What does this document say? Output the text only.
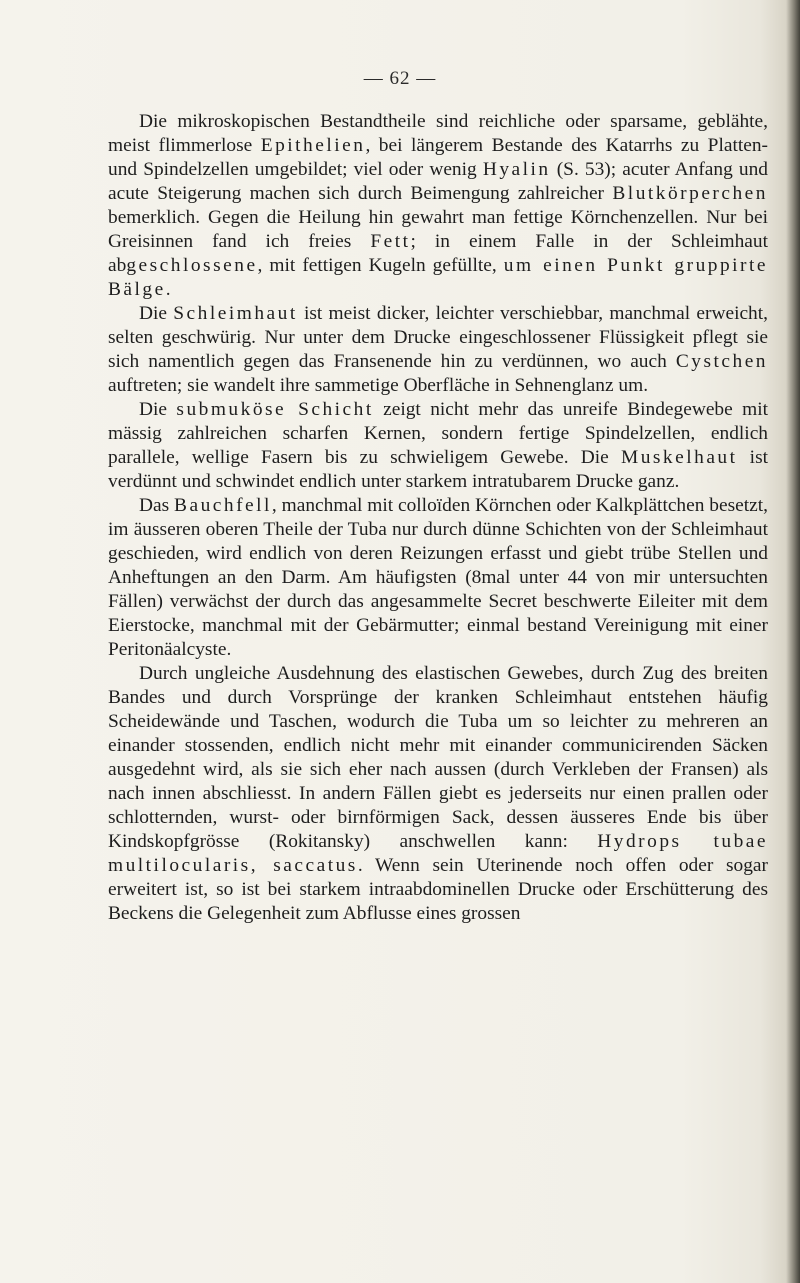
— 62 —

Die mikroskopischen Bestandtheile sind reichliche oder sparsame, geblähte, meist flimmerlose Epithelien, bei längerem Bestande des Katarrhs zu Platten- und Spindelzellen umgebildet; viel oder wenig Hyalin (S. 53); acuter Anfang und acute Steigerung machen sich durch Beimengung zahlreicher Blutkörperchen bemerklich. Gegen die Heilung hin gewahrt man fettige Körnchenzellen. Nur bei Greisinnen fand ich freies Fett; in einem Falle in der Schleimhaut abgeschlossene, mit fettigen Kugeln gefüllte, um einen Punkt gruppirte Bälge.

Die Schleimhaut ist meist dicker, leichter verschiebbar, manchmal erweicht, selten geschwürig. Nur unter dem Drucke eingeschlossener Flüssigkeit pflegt sie sich namentlich gegen das Fransenende hin zu verdünnen, wo auch Cystchen auftreten; sie wandelt ihre sammetige Oberfläche in Sehnenglanz um.

Die submuköse Schicht zeigt nicht mehr das unreife Bindegewebe mit mässig zahlreichen scharfen Kernen, sondern fertige Spindelzellen, endlich parallele, wellige Fasern bis zu schwieligem Gewebe. Die Muskelhaut ist verdünnt und schwindet endlich unter starkem intratubarem Drucke ganz.

Das Bauchfell, manchmal mit colloïden Körnchen oder Kalkplättchen besetzt, im äusseren oberen Theile der Tuba nur durch dünne Schichten von der Schleimhaut geschieden, wird endlich von deren Reizungen erfasst und giebt trübe Stellen und Anheftungen an den Darm. Am häufigsten (8mal unter 44 von mir untersuchten Fällen) verwächst der durch das angesammelte Secret beschwerte Eileiter mit dem Eierstocke, manchmal mit der Gebärmutter; einmal bestand Vereinigung mit einer Peritonäalcyste.

Durch ungleiche Ausdehnung des elastischen Gewebes, durch Zug des breiten Bandes und durch Vorsprünge der kranken Schleimhaut entstehen häufig Scheidewände und Taschen, wodurch die Tuba um so leichter zu mehreren an einander stossenden, endlich nicht mehr mit einander communicirenden Säcken ausgedehnt wird, als sie sich eher nach aussen (durch Verkleben der Fransen) als nach innen abschliesst. In andern Fällen giebt es jederseits nur einen prallen oder schlotternden, wurst- oder birnförmigen Sack, dessen äusseres Ende bis über Kindskopfgrösse (Rokitansky) anschwellen kann: Hydrops tubae multilocularis, saccatus. Wenn sein Uterinende noch offen oder sogar erweitert ist, so ist bei starkem intraabdominellen Drucke oder Erschütterung des Beckens die Gelegenheit zum Abflusse eines grossen
